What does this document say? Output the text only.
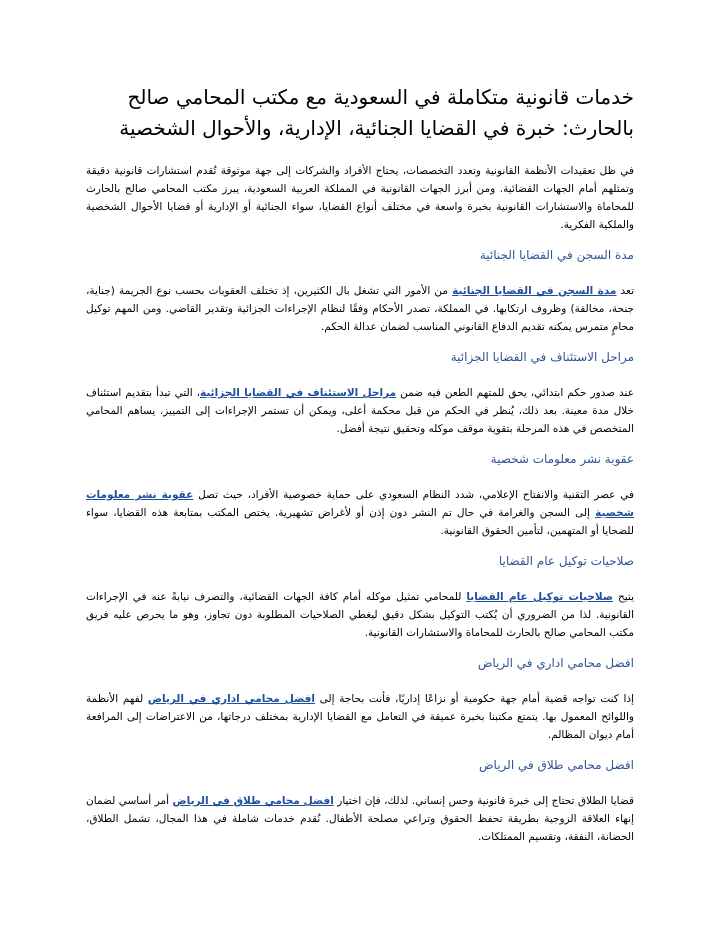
خدمات قانونية متكاملة في السعودية مع مكتب المحامي صالح بالحارث: خبرة في القضايا الجنائية، الإدارية، والأحوال الشخصية

في ظل تعقيدات الأنظمة القانونية وتعدد التخصصات، يحتاج الأفراد والشركات إلى جهة موثوقة تُقدم استشارات قانونية دقيقة وتمثلهم أمام الجهات القضائية. ومن أبرز الجهات القانونية في المملكة العربية السعودية، يبرز مكتب المحامي صالح بالحارث للمحاماة والاستشارات القانونية بخبرة واسعة في مختلف أنواع القضايا، سواء الجنائية أو الإدارية أو قضايا الأحوال الشخصية والملكية الفكرية.

مدة السجن في القضايا الجنائية

تعد مدة السجن في القضايا الجنائية من الأمور التي تشغل بال الكثيرين، إذ تختلف العقوبات بحسب نوع الجريمة (جناية، جنحة، مخالفة) وظروف ارتكابها. في المملكة، تصدر الأحكام وفقًا لنظام الإجراءات الجزائية وتقدير القاضي. ومن المهم توكيل محامٍ متمرس يمكنه تقديم الدفاع القانوني المناسب لضمان عدالة الحكم.

مراحل الاستئناف في القضايا الجزائية

عند صدور حكم ابتدائي، يحق للمتهم الطعن فيه ضمن مراحل الاستئناف في القضايا الجزائية، التي تبدأ بتقديم استئناف خلال مدة معينة. بعد ذلك، يُنظر في الحكم من قبل محكمة أعلى، ويمكن أن تستمر الإجراءات إلى التمييز. يساهم المحامي المتخصص في هذه المرحلة بتقوية موقف موكله وتحقيق نتيجة أفضل.

عقوبة نشر معلومات شخصية

في عصر التقنية والانفتاح الإعلامي، شدد النظام السعودي على حماية خصوصية الأفراد، حيث تصل عقوبة نشر معلومات شخصية إلى السجن والغرامة في حال تم النشر دون إذن أو لأغراض تشهيرية. يختص المكتب بمتابعة هذه القضايا، سواء للضحايا أو المتهمين، لتأمين الحقوق القانونية.

صلاحيات توكيل عام القضايا

يتيح صلاحيات توكيل عام القضايا للمحامي تمثيل موكله أمام كافة الجهات القضائية، والتصرف نيابةً عنه في الإجراءات القانونية. لذا من الضروري أن يُكتب التوكيل بشكل دقيق ليغطي الصلاحيات المطلوبة دون تجاوز، وهو ما يحرص عليه فريق مكتب المحامي صالح بالحارث للمحاماة والاستشارات القانونية.

افضل محامي اداري في الرياض

إذا كنت تواجه قضية أمام جهة حكومية أو نزاعًا إداريًا، فأنت بحاجة إلى افضل محامي اداري في الرياض لفهم الأنظمة واللوائح المعمول بها. يتمتع مكتبنا بخبرة عميقة في التعامل مع القضايا الإدارية بمختلف درجاتها، من الاعتراضات إلى المرافعة أمام ديوان المظالم.

افضل محامي طلاق في الرياض

قضايا الطلاق تحتاج إلى خبرة قانونية وحس إنساني. لذلك، فإن اختيار افضل محامي طلاق في الرياض أمر أساسي لضمان إنهاء العلاقة الزوجية بطريقة تحفظ الحقوق وتراعي مصلحة الأطفال. نُقدم خدمات شاملة في هذا المجال، تشمل الطلاق، الحضانة، النفقة، وتقسيم الممتلكات.
